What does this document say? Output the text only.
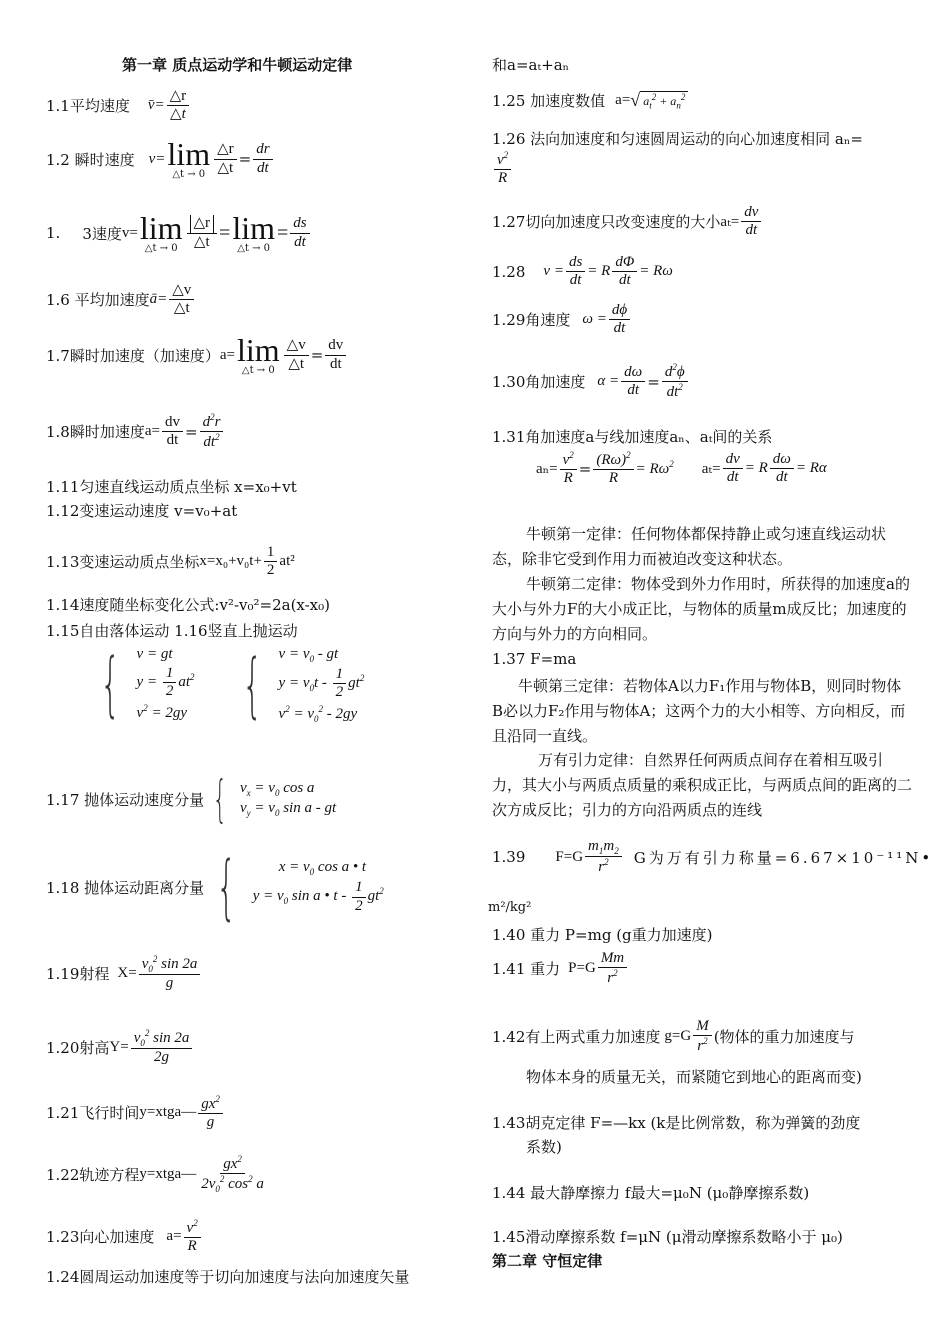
第一章 质点运动学和牛顿运动定律
1.1平均速度 v̄= $\frac{\triangle r}{\triangle t}$
1.2 瞬时速度 v= lim
△t → $0 \frac{\triangle r}{\triangle t} = \frac{dr}{dt}$
1. 3速度 v= lim
△t → $0 \frac{\triangle r}{\triangle t} = \lim$
△t → 0
= $\frac{ds}{dt}$
1.6 平均加速度 ā= $\frac{\triangle v}{\triangle t}$
1.7瞬时加速度（加速度） a= lim
△t → $0 \frac{\triangle v}{\triangle t} = \frac{dv}{dt}$
1.8瞬时加速度 $a= \frac{dv}{dt} = \frac{d^2r}{dt^2}$
1.11匀速直线运动质点坐标 x=x₀+vt
1.12变速运动速度 v=v₀+at
1.13变速运动质点坐标 $x=x_0+v_0t+ \frac{1}{2} at^2$
1.14速度随坐标变化公式:v²-v₀²=2a(x-x₀)
1.15自由落体运动 1.16竖直上抛运动
{ v = gt
$y = \frac{1}{2} at^2$
$v^2 = 2gy$ { $v = v_0$ - gt
$y = v_0t - \frac{1}{2} gt^2$
$v^2 = v_0^2 - 2gy$
1.17 抛体运动速度分量 { $v_x = v_0$ cos a
$v_y = v_0$ sin a - gt
1.18 抛体运动距离分量 {	$x = v_0$ cos a • t
$y = v_0$ sin a • t - $\frac{1}{2} gt^2$
1.19射程 $X= \frac{v_0^2 \sin 2a}{g}$
1.20射高 $Y= \frac{v_0^2 \sin 2a}{2g}$
1.21飞行时间 y=xtga— $\frac{gx^2}{g}$
1.22轨迹方程 y=xtga— $\frac{gx^2}{2v_0^2 \cos^2 a}$
1.23向心加速度 $a= \frac{v^2}{R}$
1.24圆周运动加速度等于切向加速度与法向加速度矢量
和a=aₜ+aₙ
1.25 加速度数值 a= √ $a_t^2 + a_n^2$
1.26 法向加速度和匀速圆周运动的向心加速度相同 aₙ=
$\frac{v^2}{R}$
1.27切向加速度只改变速度的大小 $a_t= \frac{dv}{dt}$
1.28 $v = \frac{ds}{dt} = R \frac{d\Phi}{dt} = R\omega$
1.29角速度 $\omega = \frac{d\phi}{dt}$
1.30角加速度 $\alpha = \frac{d\omega}{dt} = \frac{d^2\phi}{dt^2}$
1.31角加速度a与线加速度aₙ、aₜ间的关系
$a_n= \frac{v^2}{R} = \frac{(R\omega)^2}{R} = R\omega^2$ $a_t= \frac{dv}{dt} = R \frac{d\omega}{dt} = R\alpha$
牛顿第一定律：任何物体都保持静止或匀速直线运动状态，除非它受到作用力而被迫改变这种状态。
牛顿第二定律：物体受到外力作用时，所获得的加速度a的大小与外力F的大小成正比，与物体的质量m成反比；加速度的方向与外力的方向相同。
1.37 F=ma
牛顿第三定律：若物体A以力F₁作用与物体B，则同时物体B必以力F₂作用与物体A；这两个力的大小相等、方向相反，而且沿同一直线。
万有引力定律：自然界任何两质点间存在着相互吸引力，其大小与两质点质量的乘积成正比，与两质点间的距离的二次方成反比；引力的方向沿两质点的连线
1.39 $F=G \frac{m_1m_2}{r^2}$ G为万有引力称量=6.67×10⁻¹¹N•
m²/kg²
1.40 重力 P=mg (g重力加速度)
1.41 重力 $P=G \frac{Mm}{r^2}$
1.42有上两式重力加速度 $g=G \frac{M}{r^2}$ (物体的重力加速度与
物体本身的质量无关，而紧随它到地心的距离而变)
1.43胡克定律 F=—kx (k是比例常数，称为弹簧的劲度
系数)
1.44 最大静摩擦力 f最大=μ₀N (μ₀静摩擦系数)
1.45滑动摩擦系数 f=μN (μ滑动摩擦系数略小于 μ₀)
第二章 守恒定律
